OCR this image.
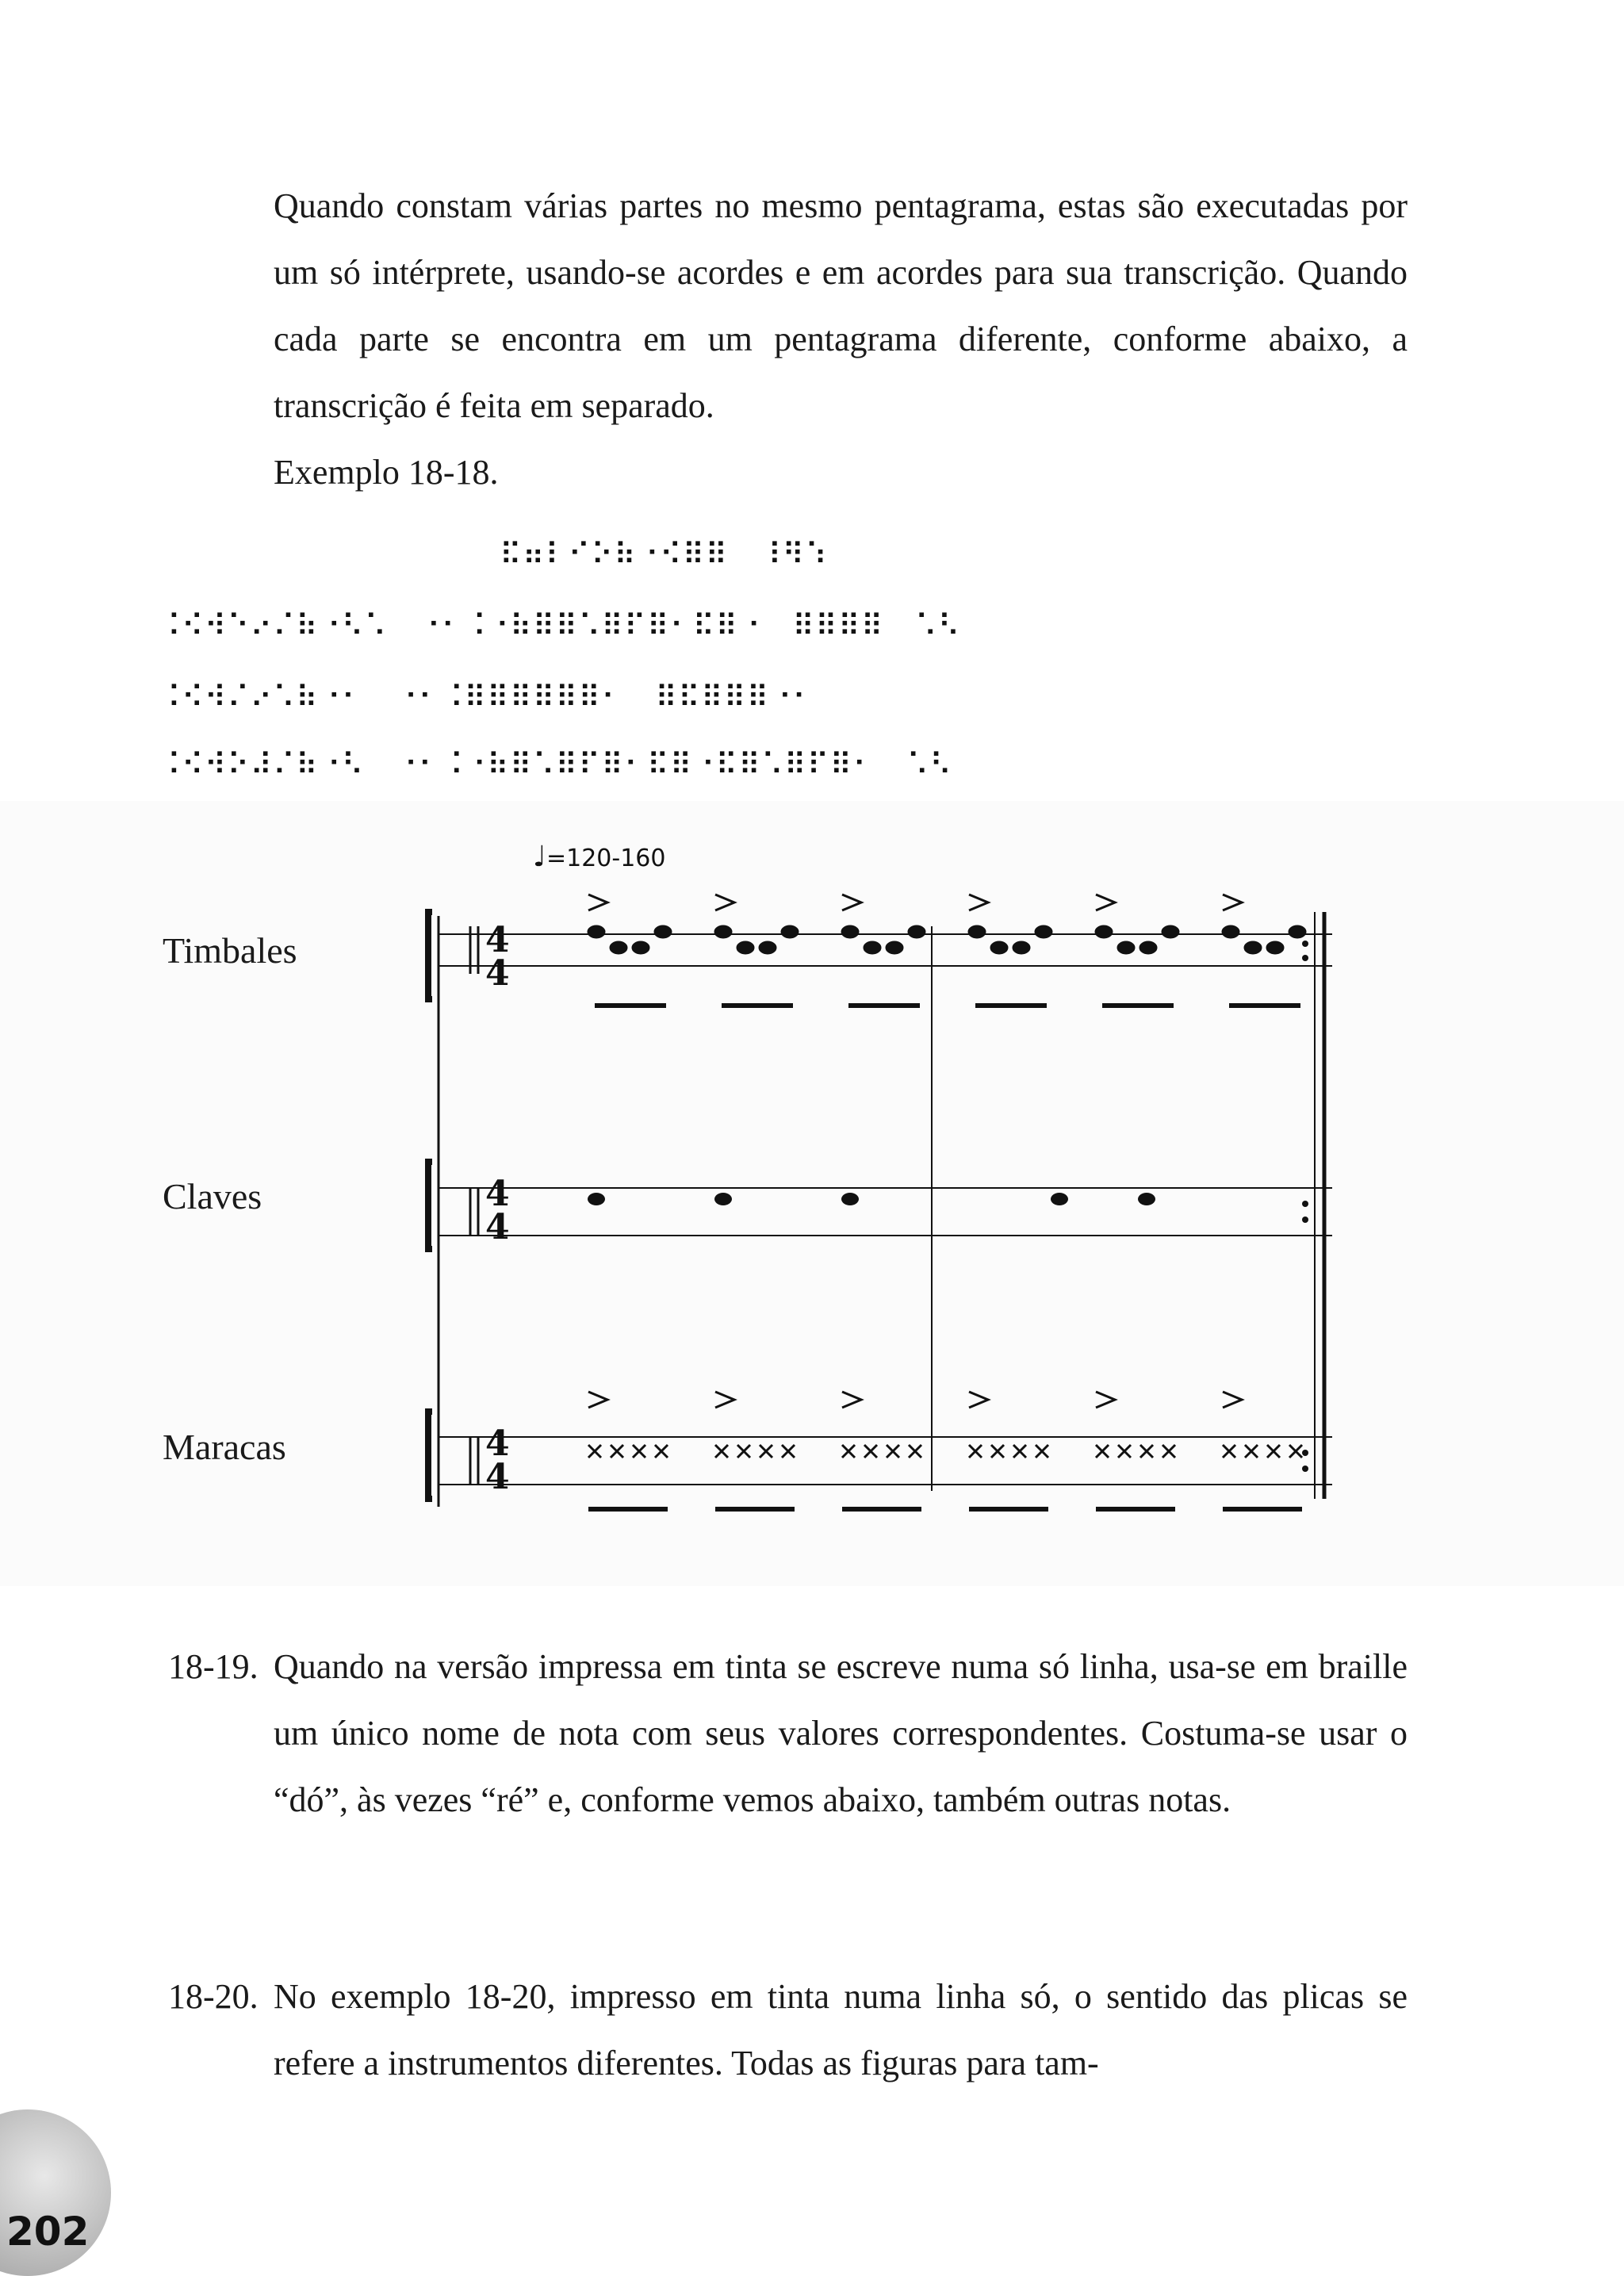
Quando constam várias partes no mesmo pentagrama, estas são executadas por um só intérprete, usando-se acordes e em acordes para sua transcrição. Quando cada parte se encontra em um pentagrama diferente, conforme abaixo, a transcrição é feita em separado.
Exemplo 18-18.

⠯⠶⠇⠊⠕⠷⠐⠪⠿⠿   ⠸⠻⠱

⠨⠪⠺⠑⠔⠌⠷⠐⠣⠡   ⠐⠂⠨⠐⠷⠿⠿⠡⠿⠏⠿⠂⠯⠿⠐   ⠿⠿⠿⠿   ⠡⠣

⠨⠪⠺⠌⠔⠡⠷⠐⠂   ⠐⠂⠨⠿⠿⠿⠿⠿⠿⠂   ⠿⠯⠿⠿⠿⠐⠂

⠨⠪⠺⠕⠼⠌⠷⠐⠣   ⠐⠂⠨⠐⠷⠿⠡⠿⠏⠿⠂⠯⠿⠐⠯⠿⠡⠿⠏⠿⠂   ⠡⠣

♩=120-160
Timbales
Claves
Maracas
4
4
4
4
4
4
18-19. Quando na versão impressa em tinta se escreve numa só linha, usa-se em braille um único nome de nota com seus valores correspondentes. Costuma-se usar o “dó”, às vezes “ré” e, conforme vemos abaixo, também outras notas.

18-20. No exemplo 18-20, impresso em tinta numa linha só, o sentido das plicas se refere a instrumentos diferentes. Todas as figuras para tam-

202
